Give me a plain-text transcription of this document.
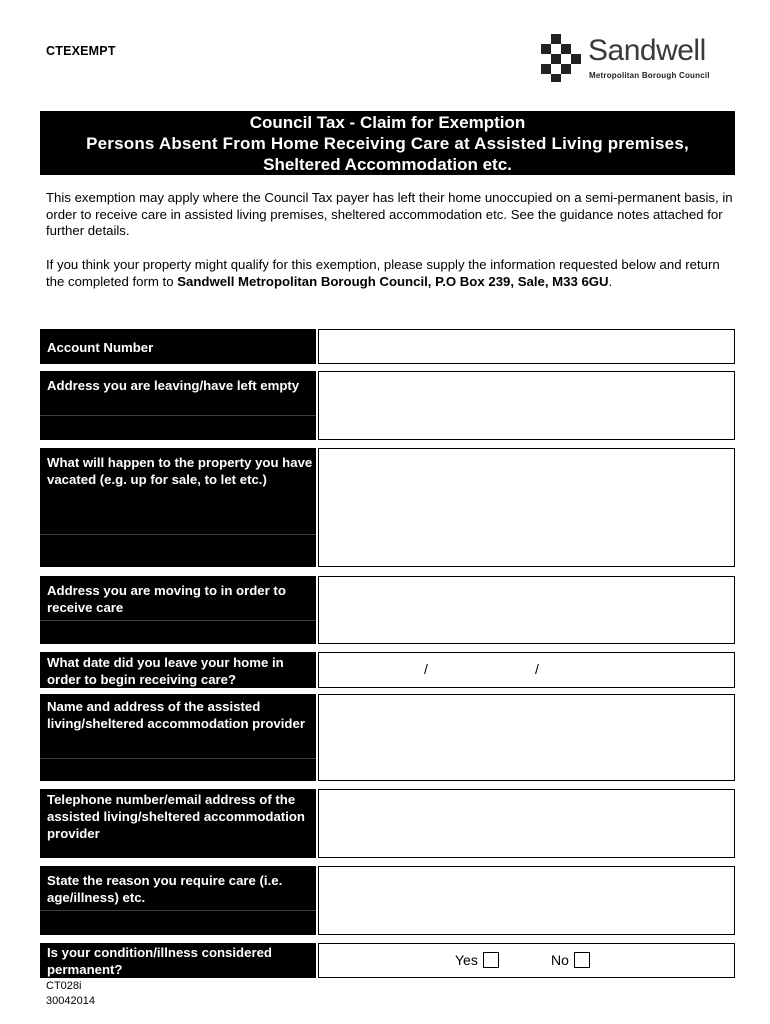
CTEXEMPT	Sandwell
Metropolitan Borough Council
Council Tax - Claim for Exemption
Persons Absent From Home Receiving Care at Assisted Living premises,
Sheltered Accommodation etc.
This exemption may apply where the Council Tax payer has left their home unoccupied on a semi-permanent basis, in order to receive care in assisted living premises, sheltered accommodation etc. See the guidance notes attached for further details.
If you think your property might qualify for this exemption, please supply the information requested below and return the completed form to Sandwell Metropolitan Borough Council, P.O Box 239, Sale, M33 6GU.
Account Number
Address you are leaving/have left empty
What will happen to the property you have vacated (e.g. up for sale, to let etc.)
Address you are moving to in order to receive care
What date did you leave your home in order to begin receiving care?
/	/
Name and address of the assisted living/sheltered accommodation provider
Telephone number/email address of the assisted living/sheltered accommodation provider
State the reason you require care (i.e. age/illness) etc.
Is your condition/illness considered permanent?
Yes	No
CT028i
30042014
